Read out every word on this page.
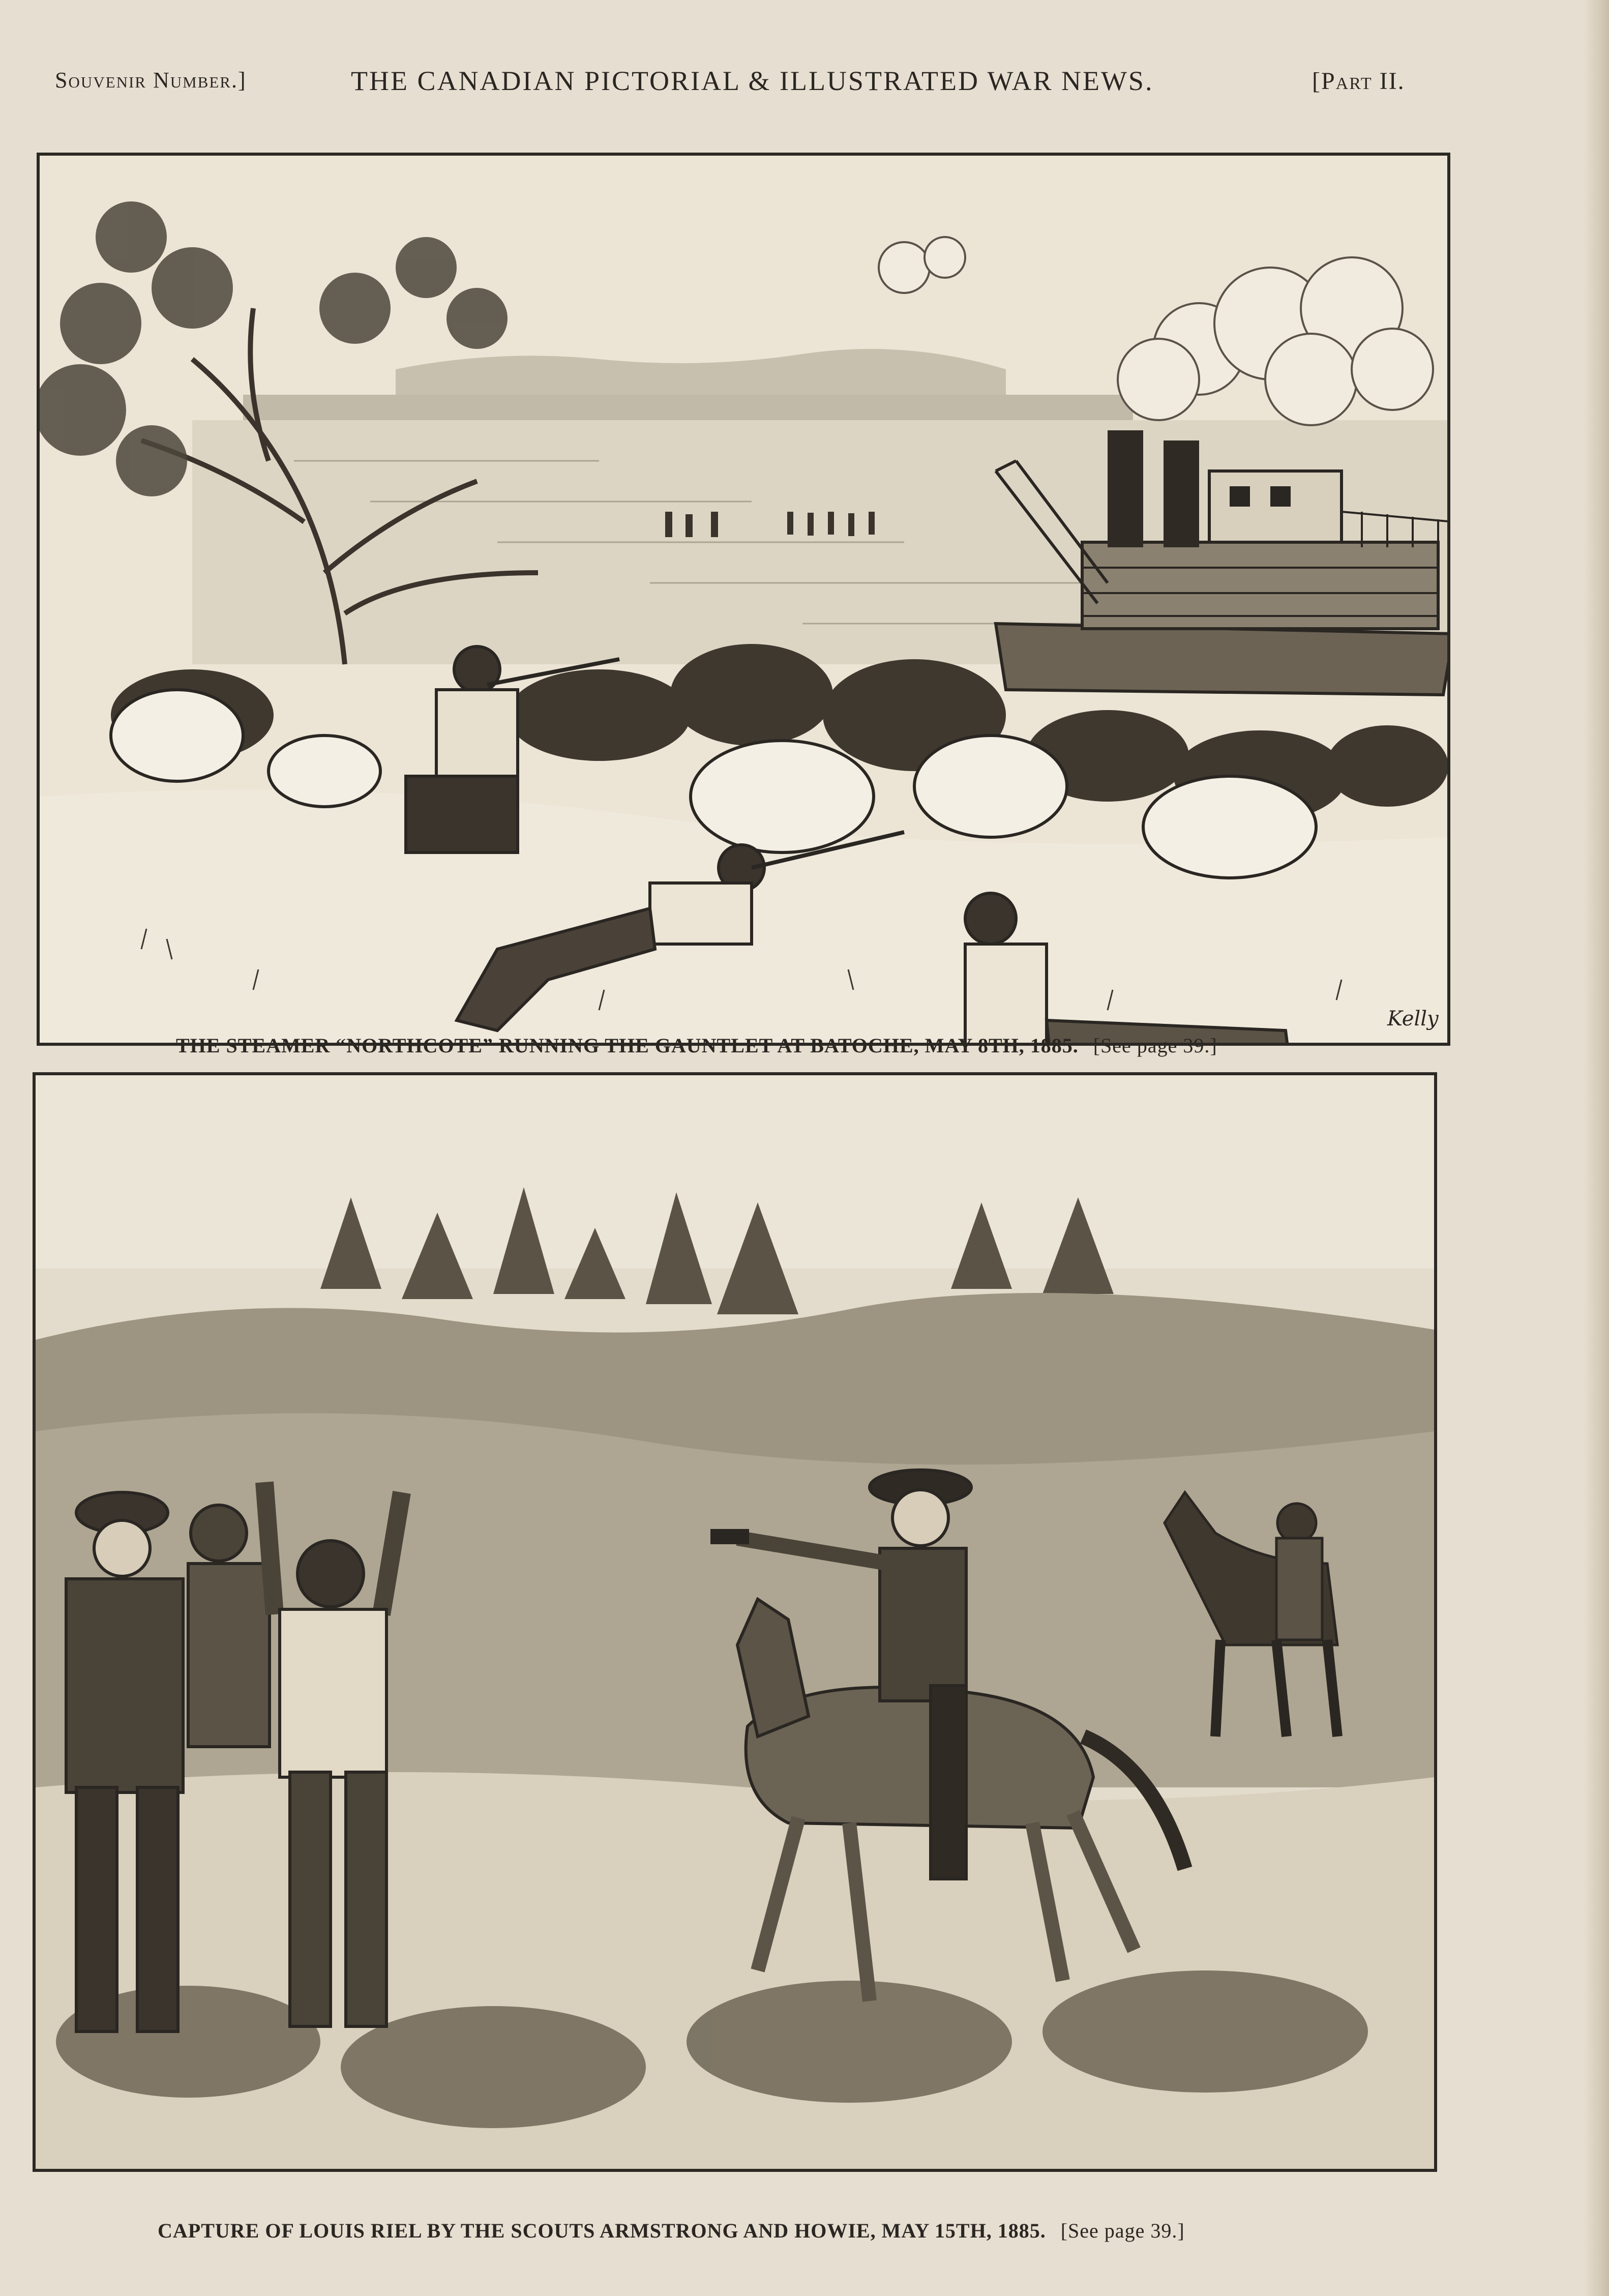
Souvenir Number.]	THE CANADIAN PICTORIAL & ILLUSTRATED WAR NEWS.	[Part II.
Kelly
THE STEAMER “NORTHCOTE” RUNNING THE GAUNTLET AT BATOCHE, MAY 8TH, 1885. [See page 39.]
CAPTURE OF LOUIS RIEL BY THE SCOUTS ARMSTRONG AND HOWIE, MAY 15TH, 1885. [See page 39.]
